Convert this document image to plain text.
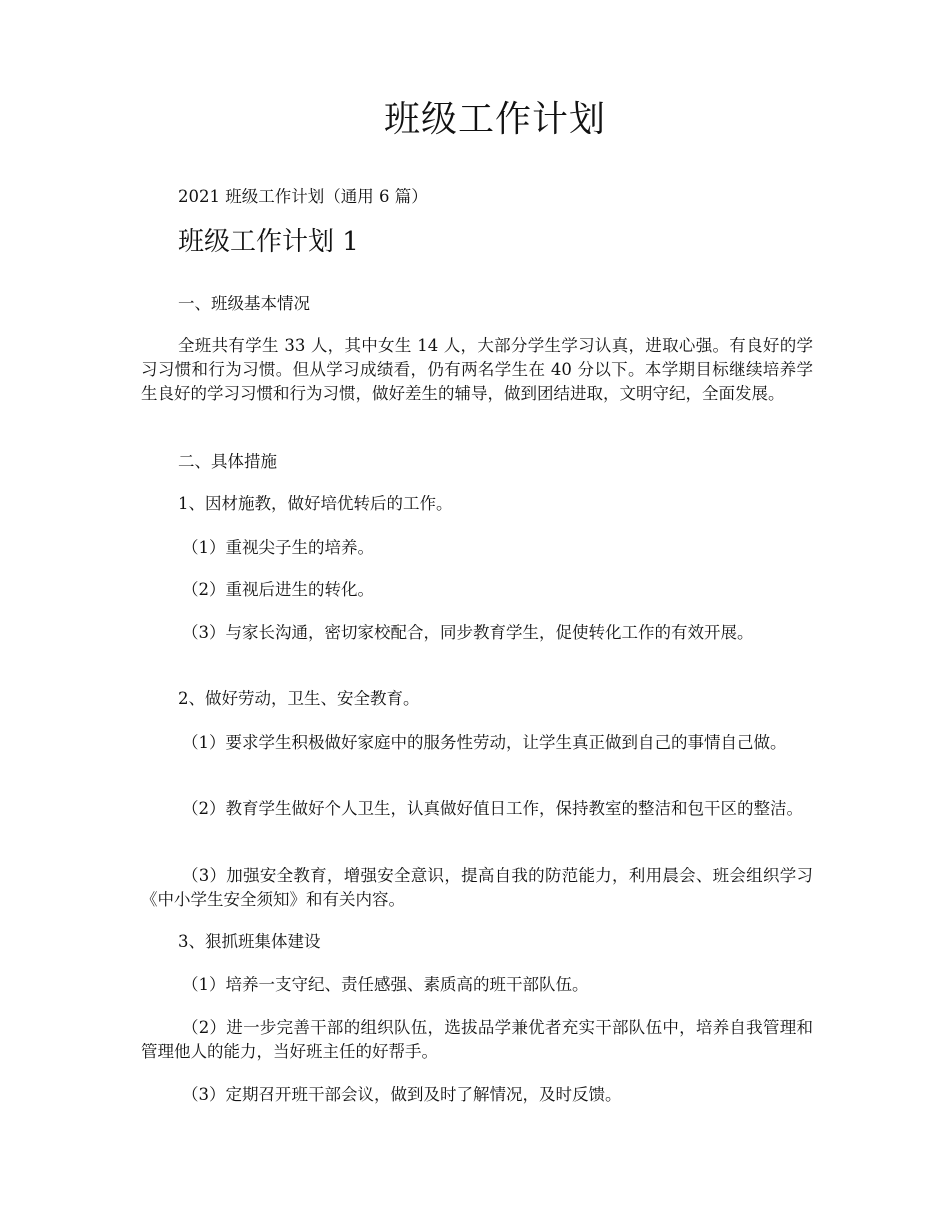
班级工作计划

2021 班级工作计划（通用 6 篇）

班级工作计划 1

一、班级基本情况

全班共有学生 33 人，其中女生 14 人，大部分学生学习认真，进取心强。有良好的学习习惯和行为习惯。但从学习成绩看，仍有两名学生在 40 分以下。本学期目标继续培养学生良好的学习习惯和行为习惯，做好差生的辅导，做到团结进取，文明守纪，全面发展。

二、具体措施

1、因材施教，做好培优转后的工作。

（1）重视尖子生的培养。

（2）重视后进生的转化。

（3）与家长沟通，密切家校配合，同步教育学生，促使转化工作的有效开展。

2、做好劳动，卫生、安全教育。

（1）要求学生积极做好家庭中的服务性劳动，让学生真正做到自己的事情自己做。

（2）教育学生做好个人卫生，认真做好值日工作，保持教室的整洁和包干区的整洁。

（3）加强安全教育，增强安全意识，提高自我的防范能力，利用晨会、班会组织学习《中小学生安全须知》和有关内容。

3、狠抓班集体建设

（1）培养一支守纪、责任感强、素质高的班干部队伍。

（2）进一步完善干部的组织队伍，选拔品学兼优者充实干部队伍中，培养自我管理和管理他人的能力，当好班主任的好帮手。

（3）定期召开班干部会议，做到及时了解情况，及时反馈。
